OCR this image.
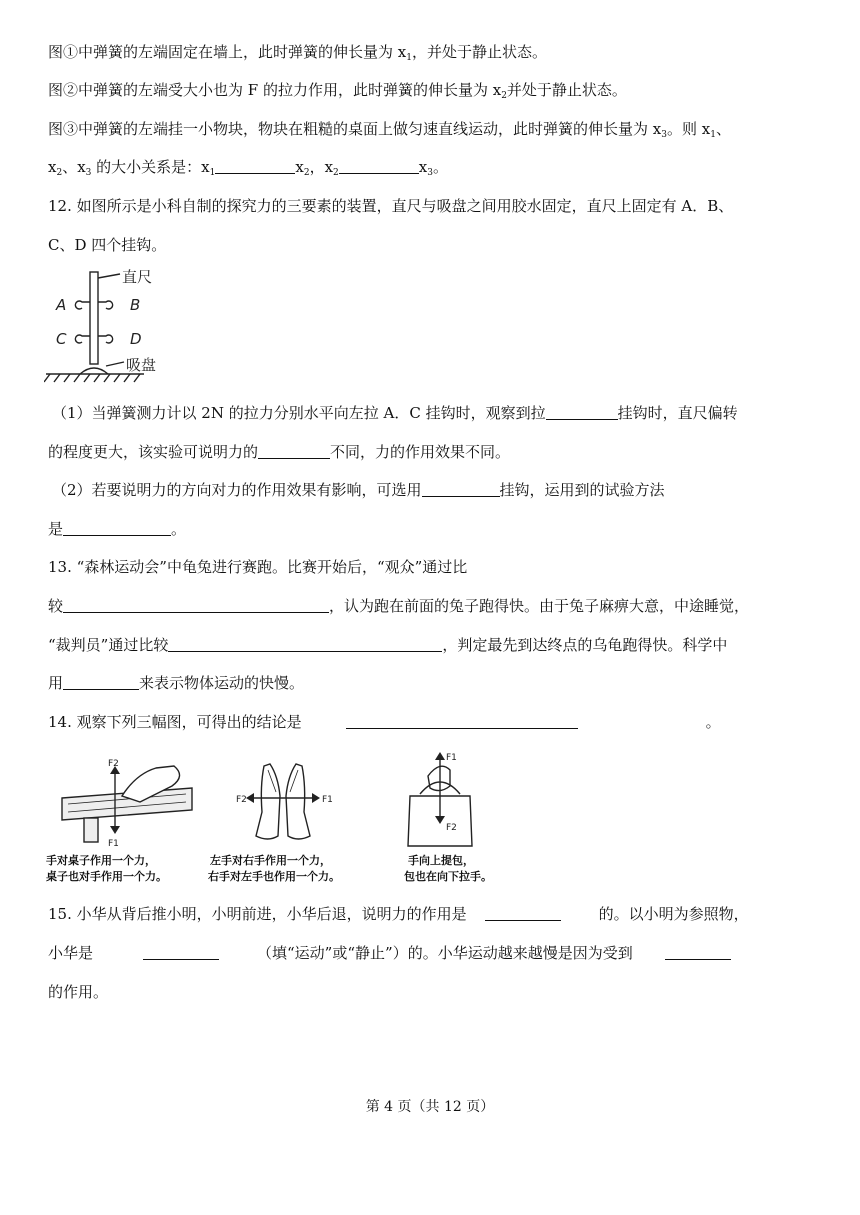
图①中弹簧的左端固定在墙上，此时弹簧的伸长量为 $x_1$，并处于静止状态。
图②中弹簧的左端受大小也为 F 的拉力作用，此时弹簧的伸长量为 $x_2$并处于静止状态。
图③中弹簧的左端挂一小物块，物块在粗糙的桌面上做匀速直线运动，此时弹簧的伸长量为 $x_3$。则 $x_1$、
$x_2$、$x_3$ 的大小关系是：$x_1$	$x_2$，$x_2$	$x_3$。
12. 如图所示是小科自制的探究力的三要素的装置，直尺与吸盘之间用胶水固定，直尺上固定有 A．B、
C、D 四个挂钩。
A	B
C	D
直尺
吸盘
（1）当弹簧测力计以 2N 的拉力分别水平向左拉 A．C 挂钩时，观察到拉	挂钩时，直尺偏转
的程度更大，该实验可说明力的	不同，力的作用效果不同。
（2）若要说明力的方向对力的作用效果有影响，可选用	挂钩，运用到的试验方法
是	。
13. “森林运动会”中龟兔进行赛跑。比赛开始后，“观众”通过比
较	，认为跑在前面的兔子跑得快。由于兔子麻痹大意，中途睡觉，
“裁判员”通过比较	，判定最先到达终点的乌龟跑得快。科学中
用	来表示物体运动的快慢。
14. 观察下列三幅图，可得出的结论是	。
F2
F1
手对桌子作用一个力，
桌子也对手作用一个力。
F2	F1
左手对右手作用一个力，
右手对左手也作用一个力。
F1
F2
手向上提包，
包也在向下拉手。
15. 小华从背后推小明，小明前进，小华后退，说明力的作用是	的。以小明为参照物，
小华是	（填“运动”或“静止”）的。小华运动越来越慢是因为受到
的作用。
第 4 页（共 12 页）
